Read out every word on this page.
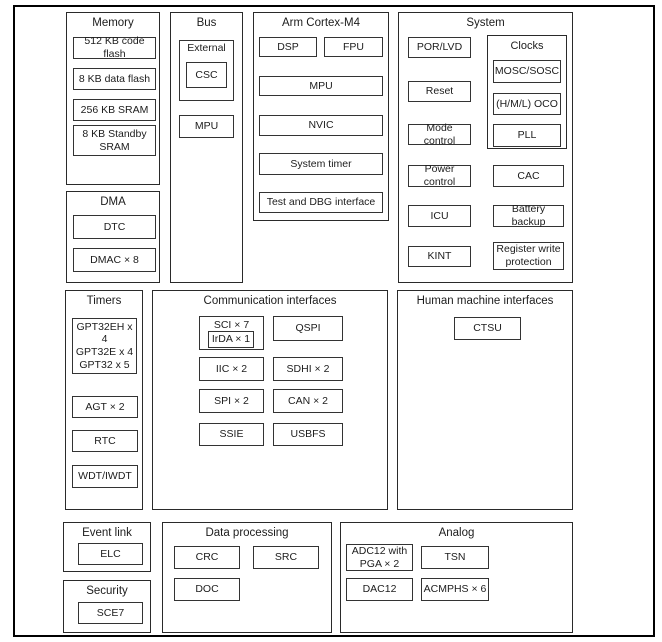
Memory
512 KB code flash
8 KB data flash
256 KB SRAM
8 KB Standby SRAM
DMA
DTC
DMAC × 8
Bus
External
CSC
MPU
Arm Cortex-M4
DSP	FPU
MPU
NVIC
System timer
Test and DBG interface
System
POR/LVD
Reset
Mode control
Power control
ICU
KINT
Clocks
MOSC/SOSC
(H/M/L) OCO
PLL
CAC
Battery backup
Register write protection
Timers
GPT32EH x 4
GPT32E x 4
GPT32 x 5
AGT × 2
RTC
WDT/IWDT
Communication interfaces
SCI × 7
IrDA × 1
QSPI
IIC × 2	SDHI × 2
SPI × 2	CAN × 2
SSIE	USBFS
Human machine interfaces
CTSU
Event link
ELC
Security
SCE7
Data processing
CRC	SRC
DOC
Analog
ADC12 with PGA × 2
TSN
DAC12	ACMPHS × 6
